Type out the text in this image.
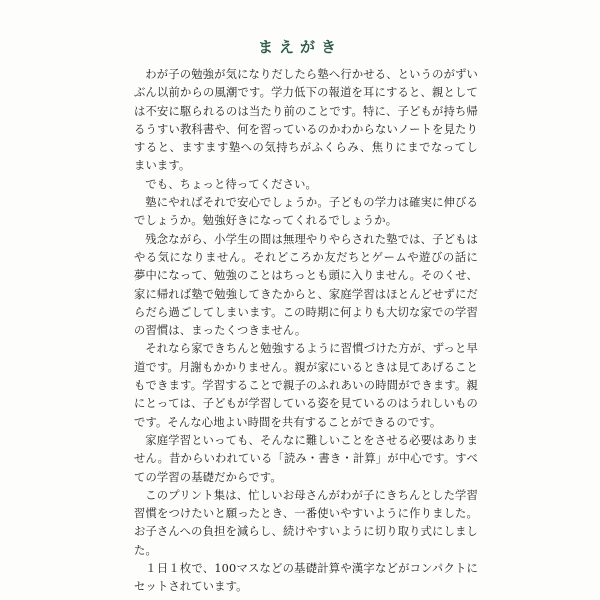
まえがき

わが子の勉強が気になりだしたら塾へ行かせる、というのがずいぶん以前からの風潮です。学力低下の報道を耳にすると、親としては不安に駆られるのは当たり前のことです。特に、子どもが持ち帰るうすい教科書や、何を習っているのかわからないノートを見たりすると、ますます塾への気持ちがふくらみ、焦りにまでなってしまいます。

でも、ちょっと待ってください。

塾にやればそれで安心でしょうか。子どもの学力は確実に伸びるでしょうか。勉強好きになってくれるでしょうか。

残念ながら、小学生の間は無理やりやらされた塾では、子どもはやる気になりません。それどころか友だちとゲームや遊びの話に夢中になって、勉強のことはちっとも頭に入りません。そのくせ、家に帰れば塾で勉強してきたからと、家庭学習はほとんどせずにだらだら過ごしてしまいます。この時期に何よりも大切な家での学習の習慣は、まったくつきません。

それなら家できちんと勉強するように習慣づけた方が、ずっと早道です。月謝もかかりません。親が家にいるときは見てあげることもできます。学習することで親子のふれあいの時間ができます。親にとっては、子どもが学習している姿を見ているのはうれしいものです。そんな心地よい時間を共有することができるのです。

家庭学習といっても、そんなに難しいことをさせる必要はありません。昔からいわれている「読み・書き・計算」が中心です。すべての学習の基礎だからです。

このプリント集は、忙しいお母さんがわが子にきちんとした学習習慣をつけたいと願ったとき、一番使いやすいように作りました。お子さんへの負担を減らし、続けやすいように切り取り式にしました。

１日１枚で、100マスなどの基礎計算や漢字などがコンパクトにセットされています。
